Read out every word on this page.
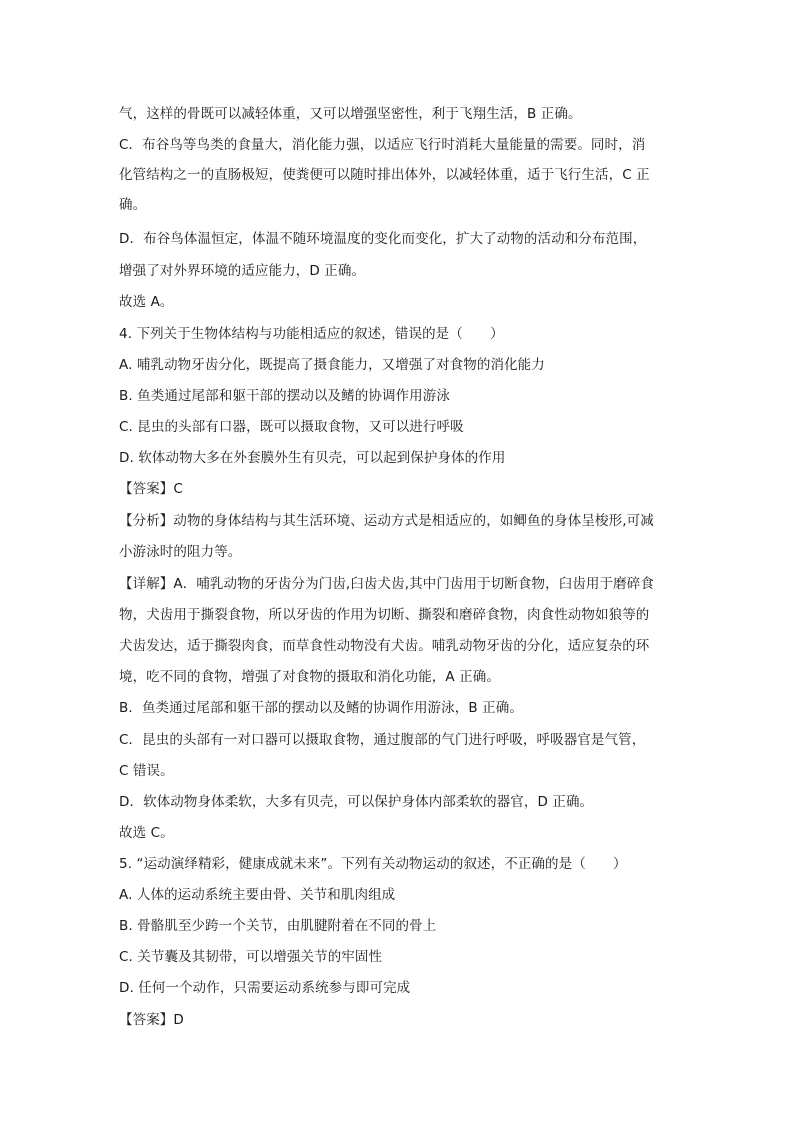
气，这样的骨既可以减轻体重，又可以增强坚密性，利于飞翔生活，B 正确。
C．布谷鸟等鸟类的食量大，消化能力强，以适应飞行时消耗大量能量的需要。同时，消
化管结构之一的直肠极短，使粪便可以随时排出体外，以减轻体重，适于飞行生活，C 正
确。
D．布谷鸟体温恒定，体温不随环境温度的变化而变化，扩大了动物的活动和分布范围，
增强了对外界环境的适应能力，D 正确。
故选 A。
4. 下列关于生物体结构与功能相适应的叙述，错误的是（　　）
A. 哺乳动物牙齿分化，既提高了摄食能力，又增强了对食物的消化能力
B. 鱼类通过尾部和躯干部的摆动以及鳍的协调作用游泳
C. 昆虫的头部有口器，既可以摄取食物，又可以进行呼吸
D. 软体动物大多在外套膜外生有贝壳，可以起到保护身体的作用
【答案】C
【分析】动物的身体结构与其生活环境、运动方式是相适应的，如鲫鱼的身体呈梭形,可减
小游泳时的阻力等。
【详解】A．哺乳动物的牙齿分为门齿,臼齿犬齿,其中门齿用于切断食物，臼齿用于磨碎食
物，犬齿用于撕裂食物，所以牙齿的作用为切断、撕裂和磨碎食物，肉食性动物如狼等的
犬齿发达，适于撕裂肉食，而草食性动物没有犬齿。哺乳动物牙齿的分化，适应复杂的环
境，吃不同的食物，增强了对食物的摄取和消化功能，A 正确。
B．鱼类通过尾部和躯干部的摆动以及鳍的协调作用游泳，B 正确。
C．昆虫的头部有一对口器可以摄取食物，通过腹部的气门进行呼吸，呼吸器官是气管，
C 错误。
D．软体动物身体柔软，大多有贝壳，可以保护身体内部柔软的器官，D 正确。
故选 C。
5. “运动演绎精彩，健康成就未来”。下列有关动物运动的叙述，不正确的是（　　）
A. 人体的运动系统主要由骨、关节和肌肉组成
B. 骨骼肌至少跨一个关节，由肌腱附着在不同的骨上
C. 关节囊及其韧带，可以增强关节的牢固性
D. 任何一个动作，只需要运动系统参与即可完成
【答案】D
